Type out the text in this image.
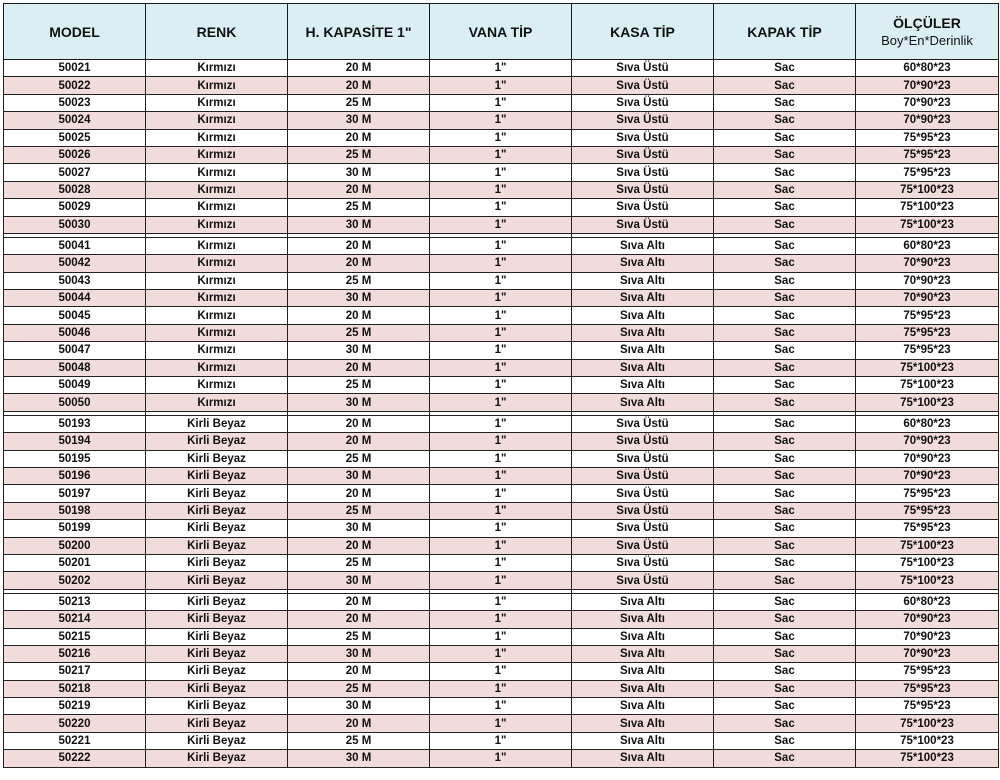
MODEL	RENK	H. KAPASİTE 1"	VANA TİP	KASA TİP	KAPAK TİP	ÖLÇÜLER
Boy*En*Derinlik

50021	Kırmızı	20 M	1"	Sıva Üstü	Sac	60*80*23
50022	Kırmızı	20 M	1"	Sıva Üstü	Sac	70*90*23
50023	Kırmızı	25 M	1"	Sıva Üstü	Sac	70*90*23
50024	Kırmızı	30 M	1"	Sıva Üstü	Sac	70*90*23
50025	Kırmızı	20 M	1"	Sıva Üstü	Sac	75*95*23
50026	Kırmızı	25 M	1"	Sıva Üstü	Sac	75*95*23
50027	Kırmızı	30 M	1"	Sıva Üstü	Sac	75*95*23
50028	Kırmızı	20 M	1"	Sıva Üstü	Sac	75*100*23
50029	Kırmızı	25 M	1"	Sıva Üstü	Sac	75*100*23
50030	Kırmızı	30 M	1"	Sıva Üstü	Sac	75*100*23

50041	Kırmızı	20 M	1"	Sıva Altı	Sac	60*80*23
50042	Kırmızı	20 M	1"	Sıva Altı	Sac	70*90*23
50043	Kırmızı	25 M	1"	Sıva Altı	Sac	70*90*23
50044	Kırmızı	30 M	1"	Sıva Altı	Sac	70*90*23
50045	Kırmızı	20 M	1"	Sıva Altı	Sac	75*95*23
50046	Kırmızı	25 M	1"	Sıva Altı	Sac	75*95*23
50047	Kırmızı	30 M	1"	Sıva Altı	Sac	75*95*23
50048	Kırmızı	20 M	1"	Sıva Altı	Sac	75*100*23
50049	Kırmızı	25 M	1"	Sıva Altı	Sac	75*100*23
50050	Kırmızı	30 M	1"	Sıva Altı	Sac	75*100*23

50193	Kirli Beyaz	20 M	1"	Sıva Üstü	Sac	60*80*23
50194	Kirli Beyaz	20 M	1"	Sıva Üstü	Sac	70*90*23
50195	Kirli Beyaz	25 M	1"	Sıva Üstü	Sac	70*90*23
50196	Kirli Beyaz	30 M	1"	Sıva Üstü	Sac	70*90*23
50197	Kirli Beyaz	20 M	1"	Sıva Üstü	Sac	75*95*23
50198	Kirli Beyaz	25 M	1"	Sıva Üstü	Sac	75*95*23
50199	Kirli Beyaz	30 M	1"	Sıva Üstü	Sac	75*95*23
50200	Kirli Beyaz	20 M	1"	Sıva Üstü	Sac	75*100*23
50201	Kirli Beyaz	25 M	1"	Sıva Üstü	Sac	75*100*23
50202	Kirli Beyaz	30 M	1"	Sıva Üstü	Sac	75*100*23

50213	Kirli Beyaz	20 M	1"	Sıva Altı	Sac	60*80*23
50214	Kirli Beyaz	20 M	1"	Sıva Altı	Sac	70*90*23
50215	Kirli Beyaz	25 M	1"	Sıva Altı	Sac	70*90*23
50216	Kirli Beyaz	30 M	1"	Sıva Altı	Sac	70*90*23
50217	Kirli Beyaz	20 M	1"	Sıva Altı	Sac	75*95*23
50218	Kirli Beyaz	25 M	1"	Sıva Altı	Sac	75*95*23
50219	Kirli Beyaz	30 M	1"	Sıva Altı	Sac	75*95*23
50220	Kirli Beyaz	20 M	1"	Sıva Altı	Sac	75*100*23
50221	Kirli Beyaz	25 M	1"	Sıva Altı	Sac	75*100*23
50222	Kirli Beyaz	30 M	1"	Sıva Altı	Sac	75*100*23
